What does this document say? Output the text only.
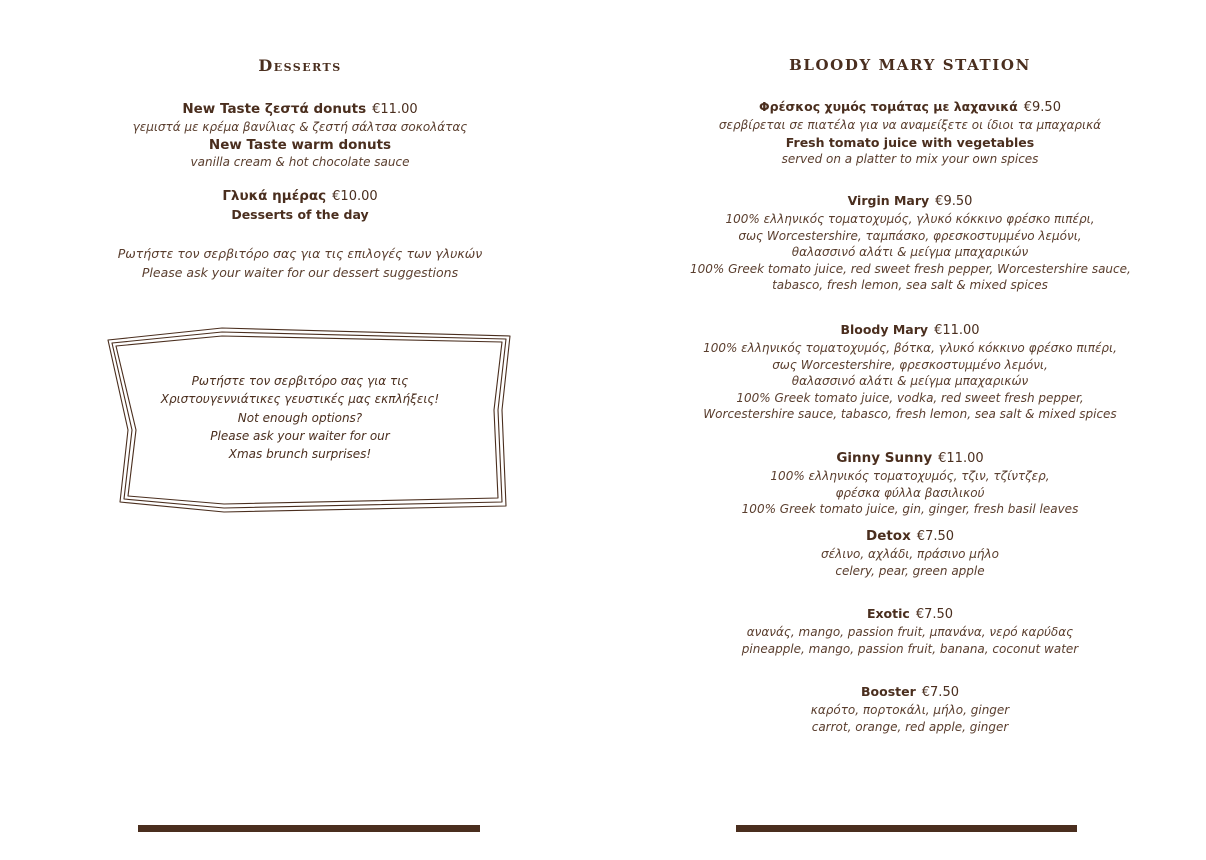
Desserts
New Taste ζεστά donuts €11.00
γεμιστά με κρέμα βανίλιας & ζεστή σάλτσα σοκολάτας
New Taste warm donuts
vanilla cream & hot chocolate sauce
Γλυκά ημέρας €10.00
Desserts of the day
Ρωτήστε τον σερβιτόρο σας για τις επιλογές των γλυκών
Please ask your waiter for our dessert suggestions
Ρωτήστε τον σερβιτόρο σας για τις
Χριστουγεννιάτικες γευστικές μας εκπλήξεις!
Not enough options?
Please ask your waiter for our
Xmas brunch surprises!
BLOODY MARY STATION
Φρέσκος χυμός τομάτας με λαχανικά €9.50
σερβίρεται σε πιατέλα για να αναμείξετε οι ίδιοι τα μπαχαρικά
Fresh tomato juice with vegetables
served on a platter to mix your own spices
Virgin Mary €9.50
100% ελληνικός τοματοχυμός, γλυκό κόκκινο φρέσκο πιπέρι,
σως Worcestershire, ταμπάσκο, φρεσκοστυμμένο λεμόνι,
θαλασσινό αλάτι & μείγμα μπαχαρικών
100% Greek tomato juice, red sweet fresh pepper, Worcestershire sauce,
tabasco, fresh lemon, sea salt & mixed spices
Bloody Mary €11.00
100% ελληνικός τοματοχυμός, βότκα, γλυκό κόκκινο φρέσκο πιπέρι,
σως Worcestershire, φρεσκοστυμμένο λεμόνι,
θαλασσινό αλάτι & μείγμα μπαχαρικών
100% Greek tomato juice, vodka, red sweet fresh pepper,
Worcestershire sauce, tabasco, fresh lemon, sea salt & mixed spices
Ginny Sunny €11.00
100% ελληνικός τοματοχυμός, τζιν, τζίντζερ,
φρέσκα φύλλα βασιλικού
100% Greek tomato juice, gin, ginger, fresh basil leaves
Detox €7.50
σέλινο, αχλάδι, πράσινο μήλο
celery, pear, green apple
Exotic €7.50
ανανάς, mango, passion fruit, μπανάνα, νερό καρύδας
pineapple, mango, passion fruit, banana, coconut water
Booster €7.50
καρότο, πορτοκάλι, μήλο, ginger
carrot, orange, red apple, ginger
